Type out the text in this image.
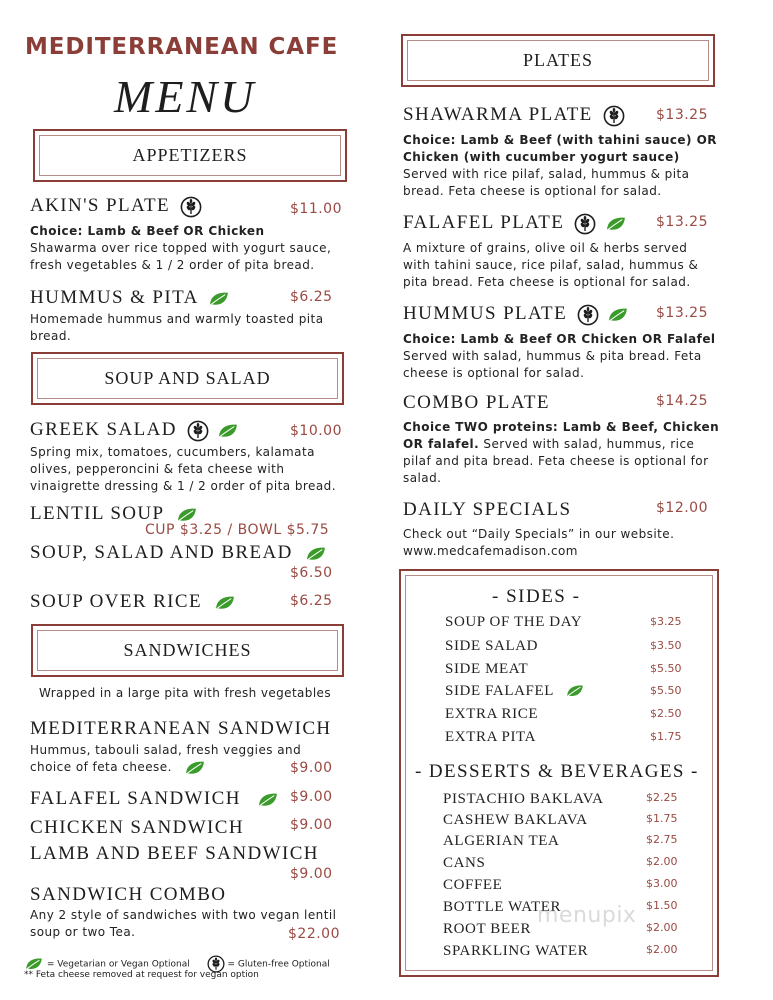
MEDITERRANEAN CAFE
MENU
APPETIZERS
AKIN'S PLATE	$11.00
Choice: Lamb & Beef OR Chicken
Shawarma over rice topped with yogurt sauce,
fresh vegetables & 1 / 2 order of pita bread.
HUMMUS & PITA	$6.25
Homemade hummus and warmly toasted pita
bread.
SOUP AND SALAD
GREEK SALAD	$10.00
Spring mix, tomatoes, cucumbers, kalamata
olives, pepperoncini & feta cheese with
vinaigrette dressing & 1 / 2 order of pita bread.
LENTIL SOUP
CUP $3.25 / BOWL $5.75
SOUP, SALAD AND BREAD
$6.50
SOUP OVER RICE	$6.25
SANDWICHES
Wrapped in a large pita with fresh vegetables
MEDITERRANEAN SANDWICH
Hummus, tabouli salad, fresh veggies and
choice of feta cheese.	$9.00
FALAFEL SANDWICH	$9.00
CHICKEN SANDWICH	$9.00
LAMB AND BEEF SANDWICH
$9.00
SANDWICH COMBO
Any 2 style of sandwiches with two vegan lentil
soup or two Tea.	$22.00
= Vegetarian or Vegan Optional	= Gluten-free Optional
** Feta cheese removed at request for vegan option
PLATES
SHAWARMA PLATE	$13.25
Choice: Lamb & Beef (with tahini sauce) OR
Chicken (with cucumber yogurt sauce)
Served with rice pilaf, salad, hummus & pita
bread. Feta cheese is optional for salad.
FALAFEL PLATE	$13.25
A mixture of grains, olive oil & herbs served
with tahini sauce, rice pilaf, salad, hummus &
pita bread. Feta cheese is optional for salad.
HUMMUS PLATE	$13.25
Choice: Lamb & Beef OR Chicken OR Falafel
Served with salad, hummus & pita bread. Feta
cheese is optional for salad.
COMBO PLATE	$14.25
Choice TWO proteins: Lamb & Beef, Chicken
OR falafel. Served with salad, hummus, rice
pilaf and pita bread. Feta cheese is optional for
salad.
DAILY SPECIALS	$12.00
Check out “Daily Specials” in our website.
www.medcafemadison.com
- SIDES -
SOUP OF THE DAY	$3.25
SIDE SALAD	$3.50
SIDE MEAT	$5.50
SIDE FALAFEL	$5.50
EXTRA RICE	$2.50
EXTRA PITA	$1.75
- DESSERTS & BEVERAGES -
PISTACHIO BAKLAVA	$2.25
CASHEW BAKLAVA	$1.75
ALGERIAN TEA	$2.75
CANS	$2.00
COFFEE	$3.00
BOTTLE WATER	$1.50
ROOT BEER	$2.00
SPARKLING WATER	$2.00
menupix
